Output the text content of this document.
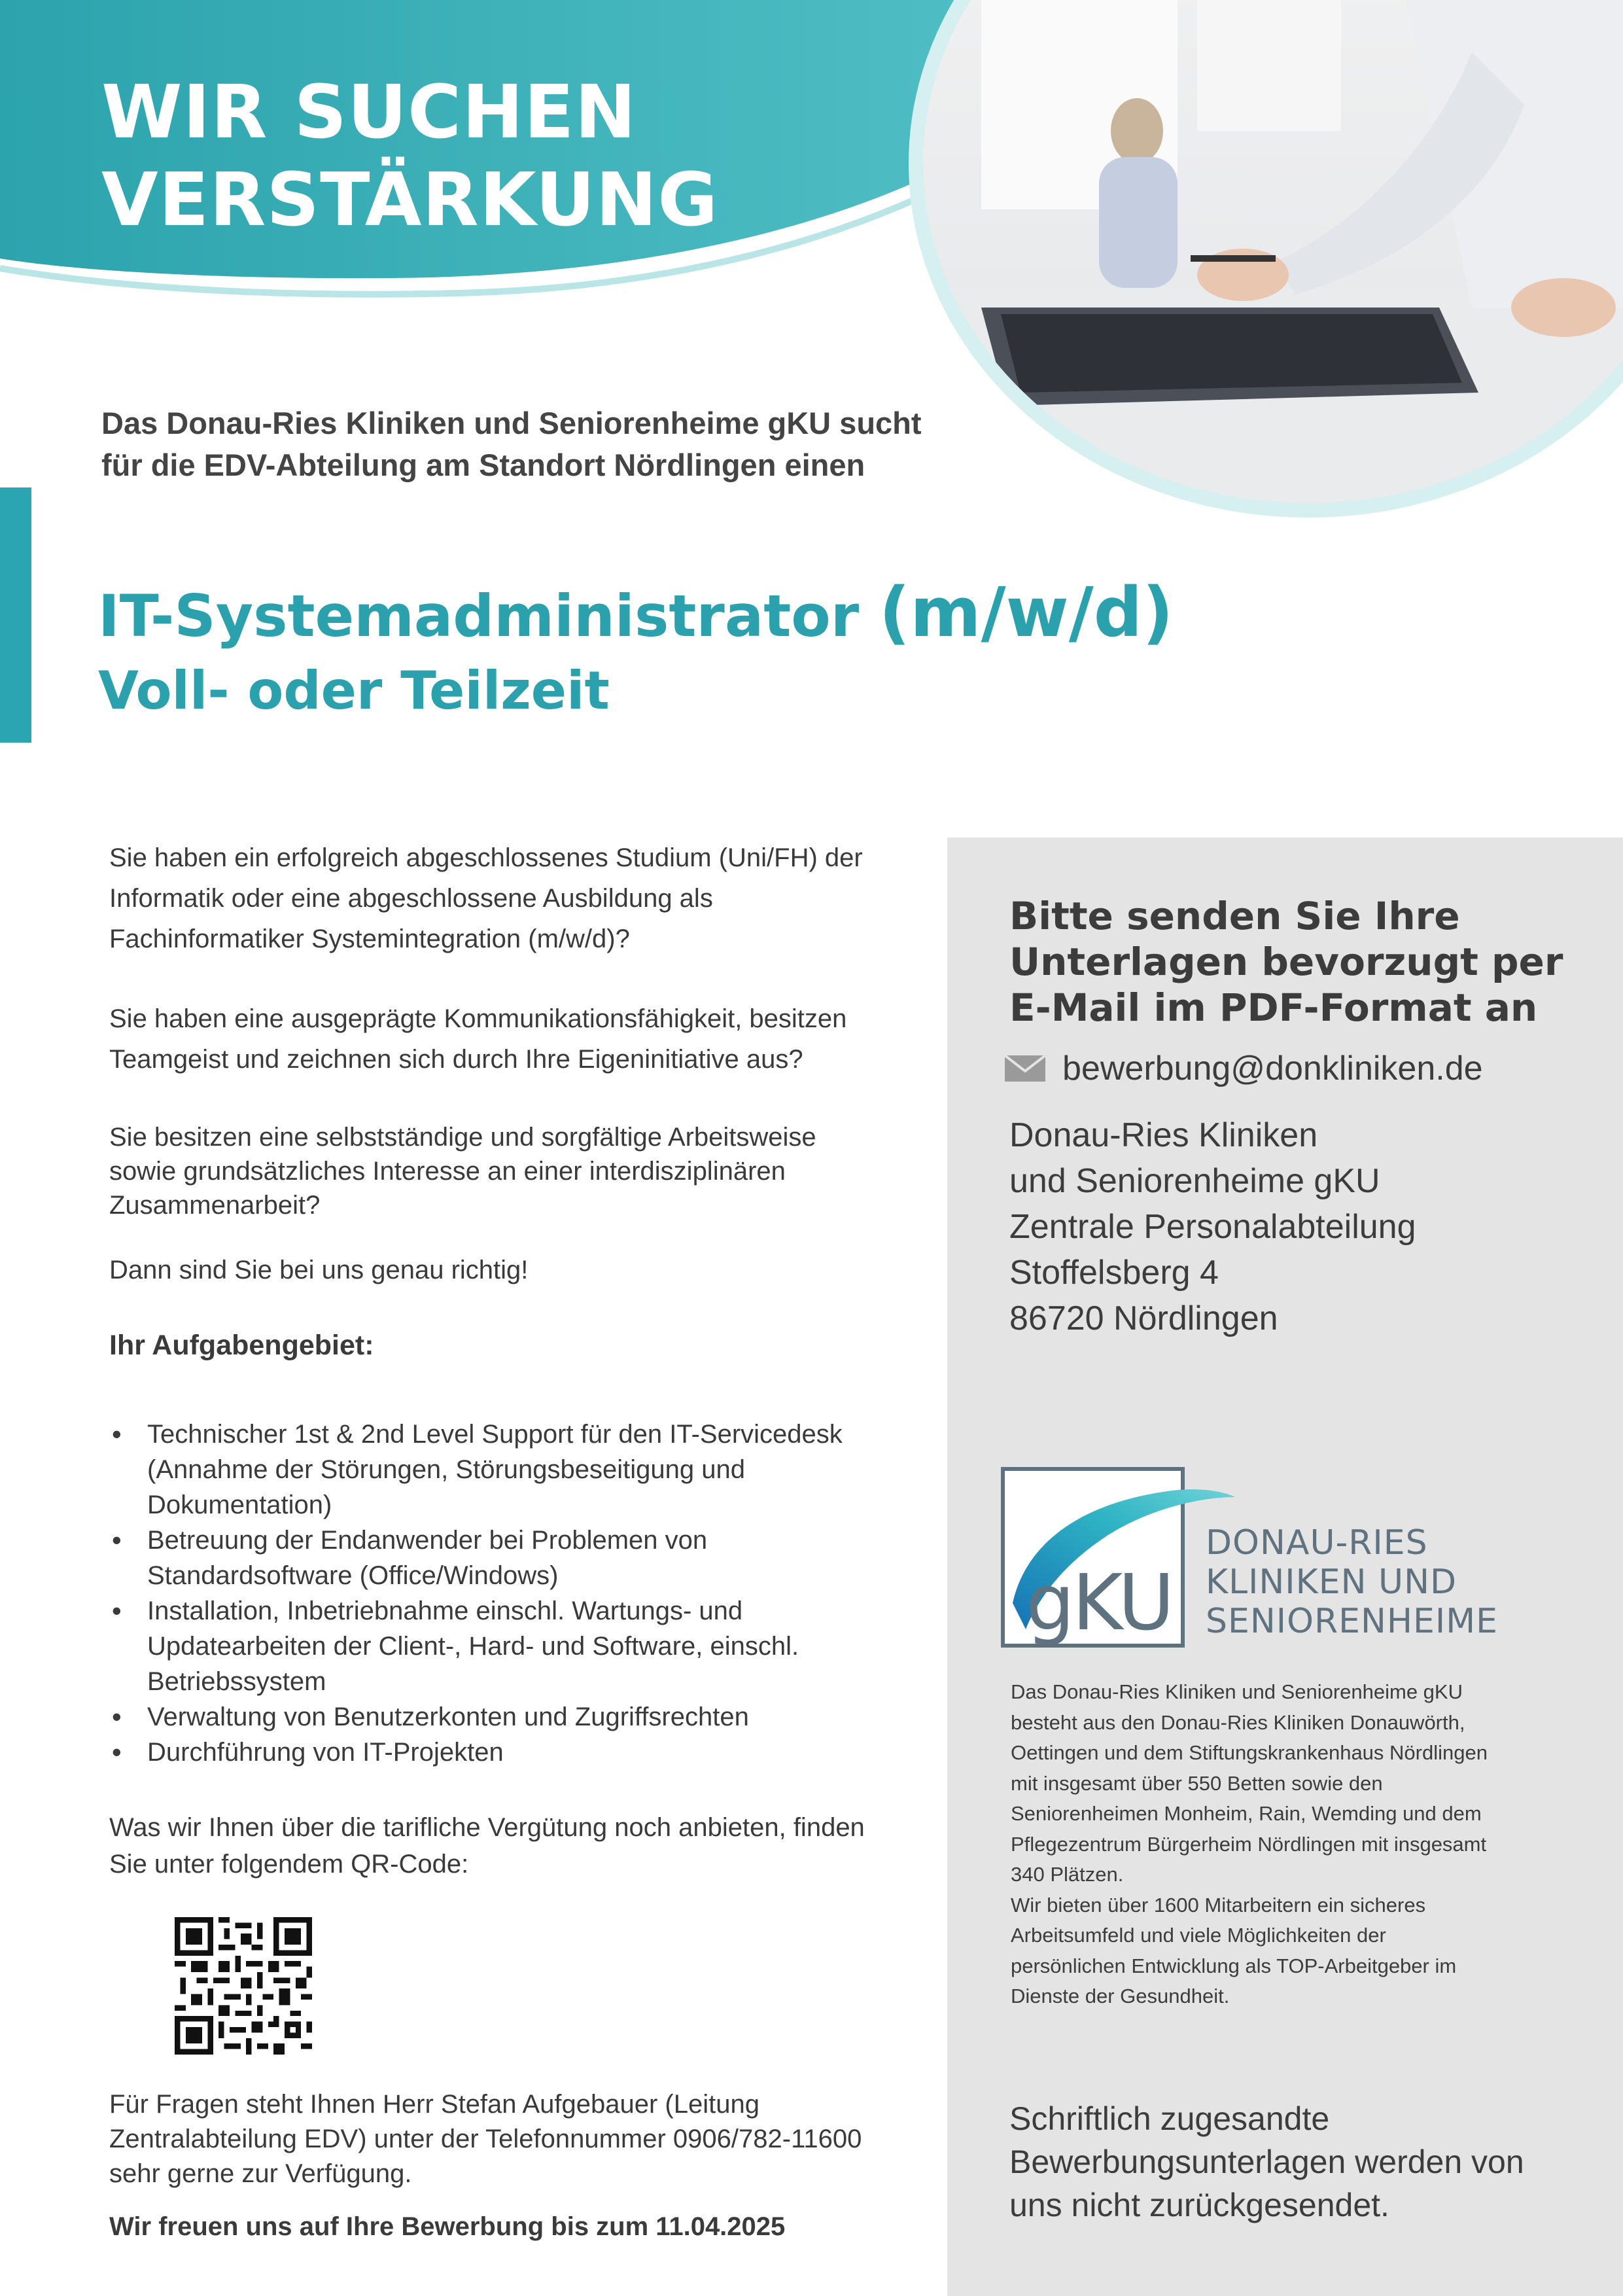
WIR SUCHEN
VERSTÄRKUNG
Das Donau-Ries Kliniken und Seniorenheime gKU sucht
für die EDV-Abteilung am Standort Nördlingen einen
IT-Systemadministrator (m/w/d)
Voll- oder Teilzeit
Sie haben ein erfolgreich abgeschlossenes Studium (Uni/FH) der
Informatik oder eine abgeschlossene Ausbildung als
Fachinformatiker Systemintegration (m/w/d)?
Sie haben eine ausgeprägte Kommunikationsfähigkeit, besitzen
Teamgeist und zeichnen sich durch Ihre Eigeninitiative aus?
Sie besitzen eine selbstständige und sorgfältige Arbeitsweise
sowie grundsätzliches Interesse an einer interdisziplinären
Zusammenarbeit?
Dann sind Sie bei uns genau richtig!
Ihr Aufgabengebiet:
• Technischer 1st & 2nd Level Support für den IT-Servicedesk
(Annahme der Störungen, Störungsbeseitigung und
Dokumentation)
• Betreuung der Endanwender bei Problemen von
Standardsoftware (Office/Windows)
• Installation, Inbetriebnahme einschl. Wartungs- und
Updatearbeiten der Client-, Hard- und Software, einschl.
Betriebssystem
• Verwaltung von Benutzerkonten und Zugriffsrechten
• Durchführung von IT-Projekten
Was wir Ihnen über die tarifliche Vergütung noch anbieten, finden
Sie unter folgendem QR-Code:
Für Fragen steht Ihnen Herr Stefan Aufgebauer (Leitung
Zentralabteilung EDV) unter der Telefonnummer 0906/782-11600
sehr gerne zur Verfügung.
Wir freuen uns auf Ihre Bewerbung bis zum 11.04.2025
Bitte senden Sie Ihre
Unterlagen bevorzugt per
E-Mail im PDF-Format an
bewerbung@donkliniken.de
Donau-Ries Kliniken
und Seniorenheime gKU
Zentrale Personalabteilung
Stoffelsberg 4
86720 Nördlingen
gKU
DONAU-RIES
KLINIKEN UND
SENIORENHEIME
Das Donau-Ries Kliniken und Seniorenheime gKU
besteht aus den Donau-Ries Kliniken Donauwörth,
Oettingen und dem Stiftungskrankenhaus Nördlingen
mit insgesamt über 550 Betten sowie den
Seniorenheimen Monheim, Rain, Wemding und dem
Pflegezentrum Bürgerheim Nördlingen mit insgesamt
340 Plätzen.
Wir bieten über 1600 Mitarbeitern ein sicheres
Arbeitsumfeld und viele Möglichkeiten der
persönlichen Entwicklung als TOP-Arbeitgeber im
Dienste der Gesundheit.
Schriftlich zugesandte
Bewerbungsunterlagen werden von
uns nicht zurückgesendet.
